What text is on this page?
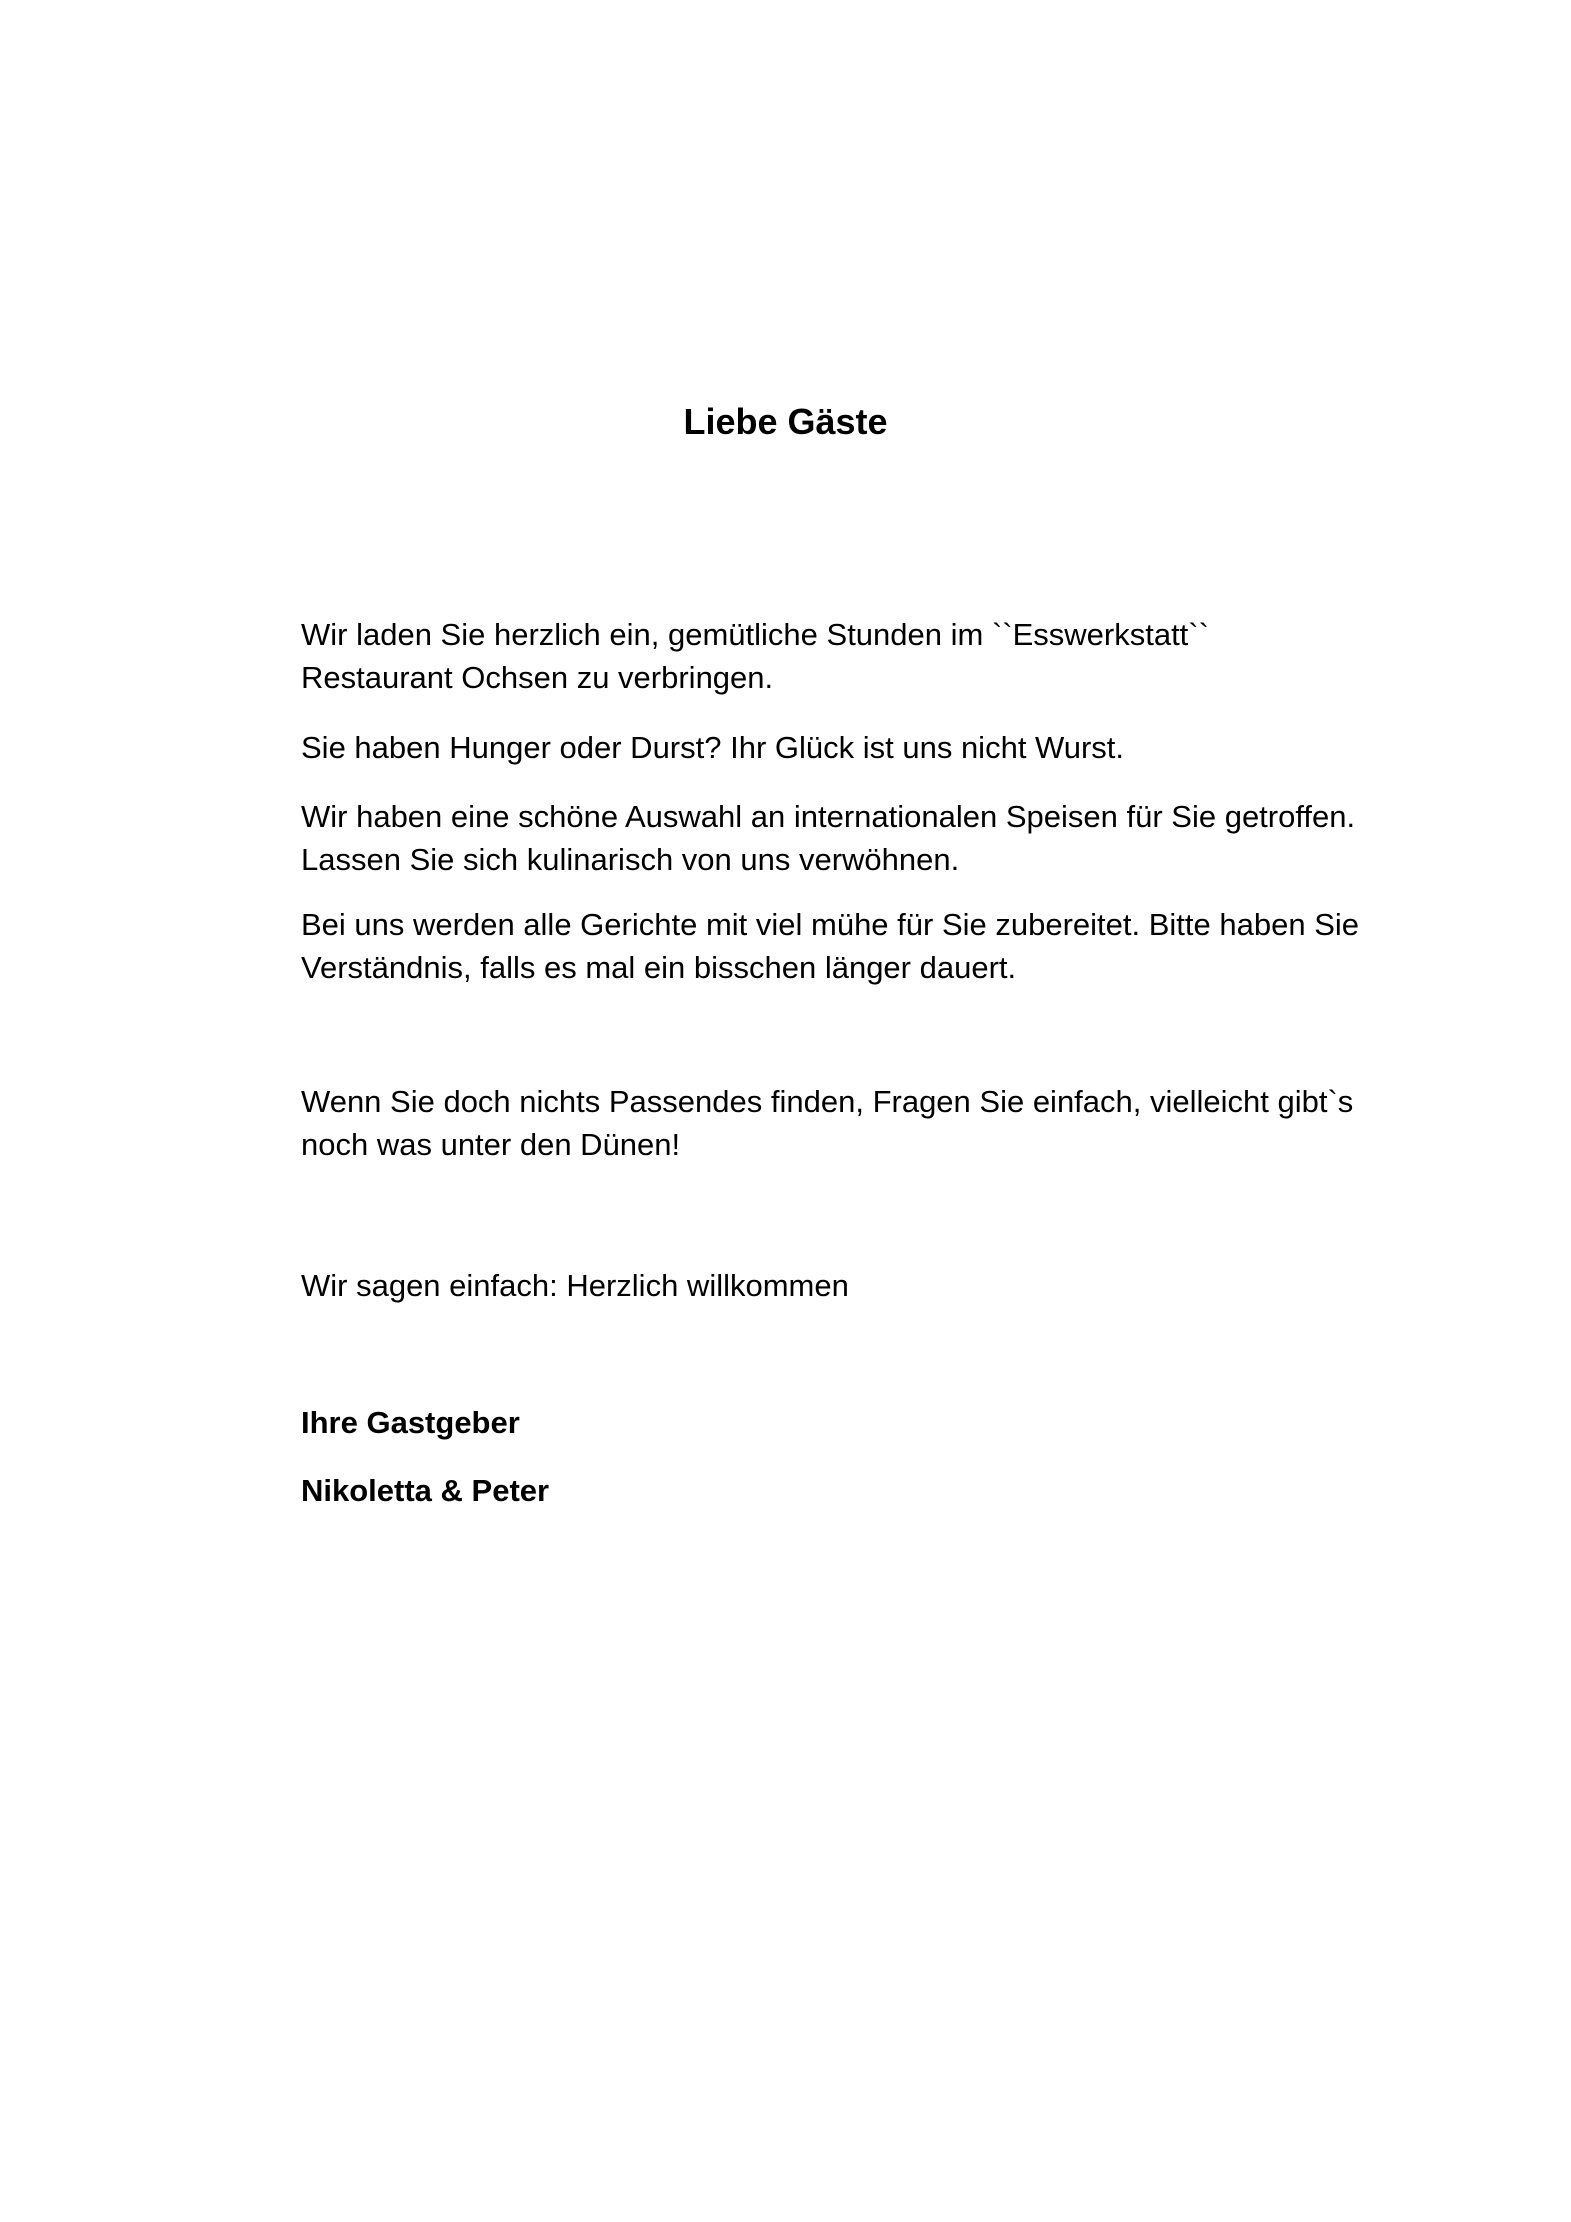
Liebe Gäste

Wir laden Sie herzlich ein, gemütliche Stunden im ``Esswerkstatt``
Restaurant Ochsen zu verbringen.

Sie haben Hunger oder Durst? Ihr Glück ist uns nicht Wurst.

Wir haben eine schöne Auswahl an internationalen Speisen für Sie getroffen.
Lassen Sie sich kulinarisch von uns verwöhnen.

Bei uns werden alle Gerichte mit viel mühe für Sie zubereitet. Bitte haben Sie
Verständnis, falls es mal ein bisschen länger dauert.

Wenn Sie doch nichts Passendes finden, Fragen Sie einfach, vielleicht gibt`s
noch was unter den Dünen!

Wir sagen einfach: Herzlich willkommen

Ihre Gastgeber

Nikoletta & Peter
